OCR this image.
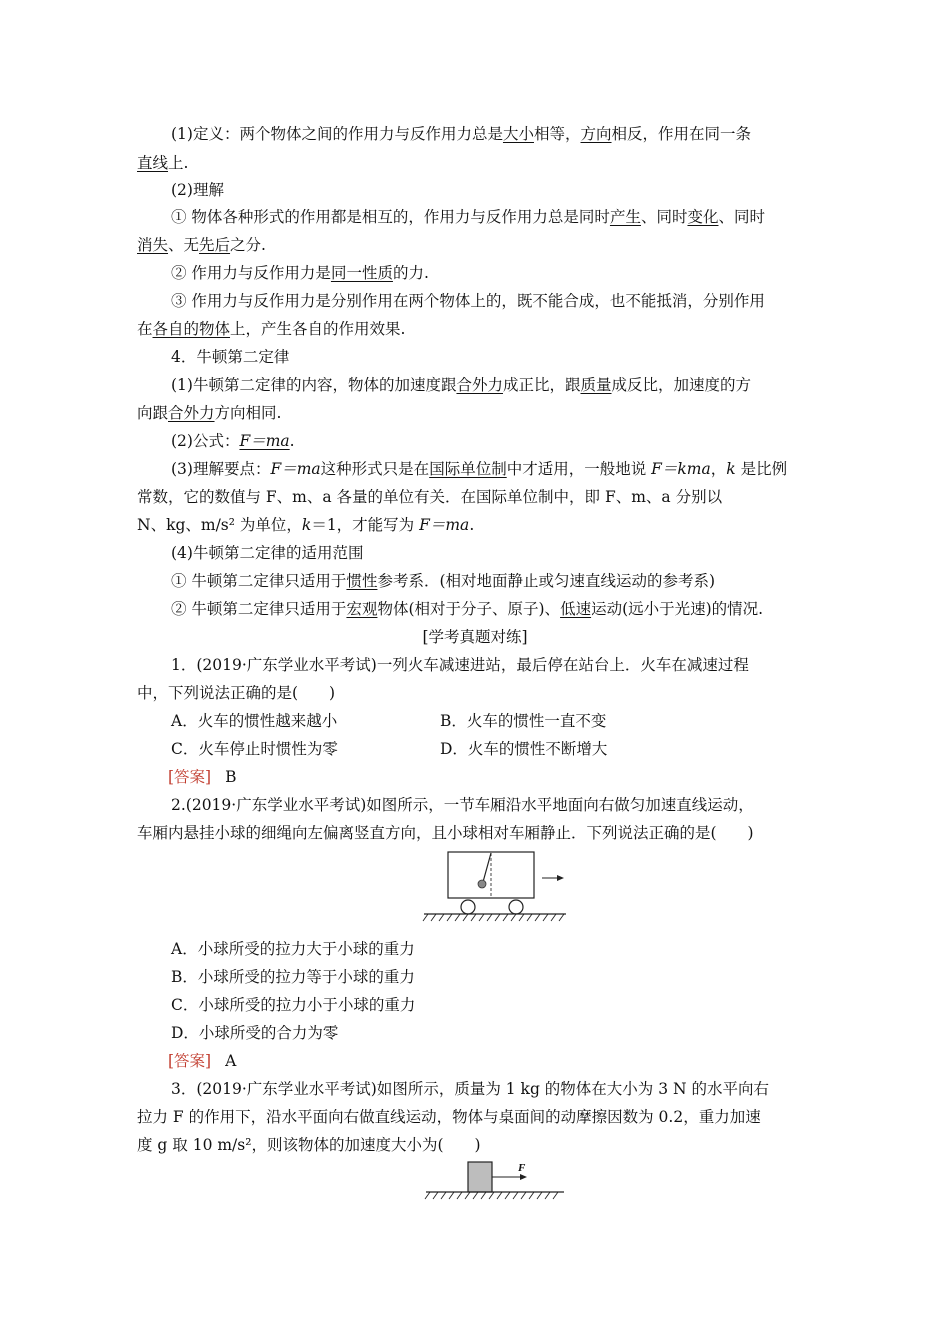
(1)定义：两个物体之间的作用力与反作用力总是大小相等，方向相反，作用在同一条
直线上.
(2)理解
① 物体各种形式的作用都是相互的，作用力与反作用力总是同时产生、同时变化、同时
消失、无先后之分.
② 作用力与反作用力是同一性质的力.
③ 作用力与反作用力是分别作用在两个物体上的，既不能合成，也不能抵消，分别作用
在各自的物体上，产生各自的作用效果.
4．牛顿第二定律
(1)牛顿第二定律的内容，物体的加速度跟合外力成正比，跟质量成反比，加速度的方
向跟合外力方向相同.
(2)公式：F＝ma.
(3)理解要点：F＝ma这种形式只是在国际单位制中才适用，一般地说 F＝kma，k 是比例
常数，它的数值与 F、m、a 各量的单位有关．在国际单位制中，即 F、m、a 分别以
N、kg、m/s² 为单位，k＝1，才能写为 F＝ma.
(4)牛顿第二定律的适用范围
① 牛顿第二定律只适用于惯性参考系．(相对地面静止或匀速直线运动的参考系)
② 牛顿第二定律只适用于宏观物体(相对于分子、原子)、低速运动(远小于光速)的情况.
[学考真题对练]
1．(2019·广东学业水平考试)一列火车减速进站，最后停在站台上．火车在减速过程
中，下列说法正确的是(　　)
A．火车的惯性越来越小	B．火车的惯性一直不变
C．火车停止时惯性为零	D．火车的惯性不断增大
[答案] B
2.(2019·广东学业水平考试)如图所示，一节车厢沿水平地面向右做匀加速直线运动，
车厢内悬挂小球的细绳向左偏离竖直方向，且小球相对车厢静止．下列说法正确的是(　　)
A．小球所受的拉力大于小球的重力
B．小球所受的拉力等于小球的重力
C．小球所受的拉力小于小球的重力
D．小球所受的合力为零
[答案] A
3．(2019·广东学业水平考试)如图所示，质量为 1 kg 的物体在大小为 3 N 的水平向右
拉力 F 的作用下，沿水平面向右做直线运动，物体与桌面间的动摩擦因数为 0.2，重力加速
度 g 取 10 m/s²，则该物体的加速度大小为(　　)
F
